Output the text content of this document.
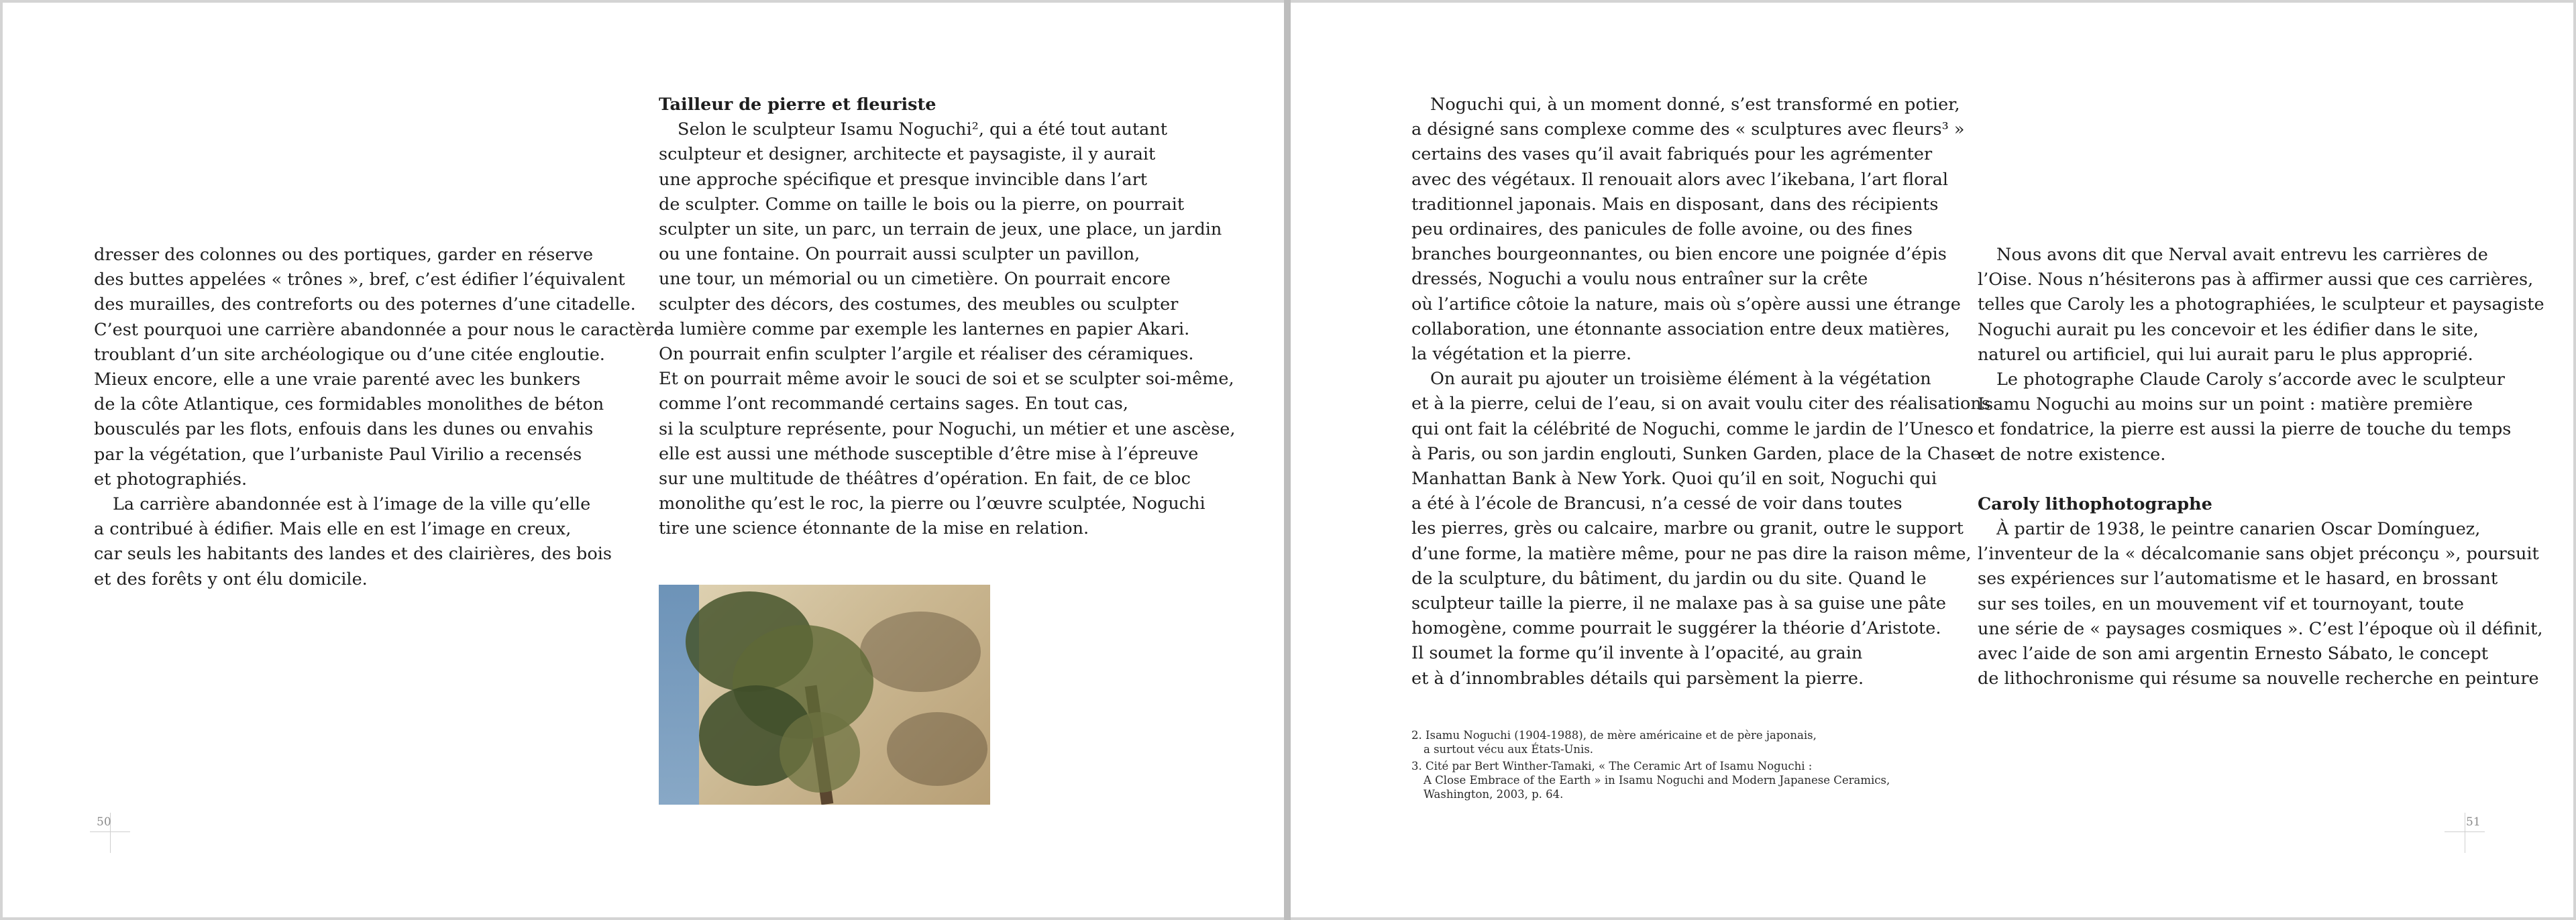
dresser des colonnes ou des portiques, garder en réserve

des buttes appelées « trônes », bref, c’est édifier l’équivalent

des murailles, des contreforts ou des poternes d’une citadelle.

C’est pourquoi une carrière abandonnée a pour nous le caractère

troublant d’un site archéologique ou d’une citée engloutie.

Mieux encore, elle a une vraie parenté avec les bunkers

de la côte Atlantique, ces formidables monolithes de béton

bousculés par les flots, enfouis dans les dunes ou envahis

par la végétation, que l’urbaniste Paul Virilio a recensés

et photographiés.

La carrière abandonnée est à l’image de la ville qu’elle

a contribué à édifier. Mais elle en est l’image en creux,

car seuls les habitants des landes et des clairières, des bois

et des forêts y ont élu domicile.

Tailleur de pierre et fleuriste

Selon le sculpteur Isamu Noguchi², qui a été tout autant

sculpteur et designer, architecte et paysagiste, il y aurait

une approche spécifique et presque invincible dans l’art

de sculpter. Comme on taille le bois ou la pierre, on pourrait

sculpter un site, un parc, un terrain de jeux, une place, un jardin

ou une fontaine. On pourrait aussi sculpter un pavillon,

une tour, un mémorial ou un cimetière. On pourrait encore

sculpter des décors, des costumes, des meubles ou sculpter

la lumière comme par exemple les lanternes en papier Akari.

On pourrait enfin sculpter l’argile et réaliser des céramiques.

Et on pourrait même avoir le souci de soi et se sculpter soi-même,

comme l’ont recommandé certains sages. En tout cas,

si la sculpture représente, pour Noguchi, un métier et une ascèse,

elle est aussi une méthode susceptible d’être mise à l’épreuve

sur une multitude de théâtres d’opération. En fait, de ce bloc

monolithe qu’est le roc, la pierre ou l’œuvre sculptée, Noguchi

tire une science étonnante de la mise en relation.

50

Noguchi qui, à un moment donné, s’est transformé en potier,

a désigné sans complexe comme des « sculptures avec fleurs³ »

certains des vases qu’il avait fabriqués pour les agrémenter

avec des végétaux. Il renouait alors avec l’ikebana, l’art floral

traditionnel japonais. Mais en disposant, dans des récipients

peu ordinaires, des panicules de folle avoine, ou des fines

branches bourgeonnantes, ou bien encore une poignée d’épis

dressés, Noguchi a voulu nous entraîner sur la crête

où l’artifice côtoie la nature, mais où s’opère aussi une étrange

collaboration, une étonnante association entre deux matières,

la végétation et la pierre.

On aurait pu ajouter un troisième élément à la végétation

et à la pierre, celui de l’eau, si on avait voulu citer des réalisations

qui ont fait la célébrité de Noguchi, comme le jardin de l’Unesco

à Paris, ou son jardin englouti, Sunken Garden, place de la Chase

Manhattan Bank à New York. Quoi qu’il en soit, Noguchi qui

a été à l’école de Brancusi, n’a cessé de voir dans toutes

les pierres, grès ou calcaire, marbre ou granit, outre le support

d’une forme, la matière même, pour ne pas dire la raison même,

de la sculpture, du bâtiment, du jardin ou du site. Quand le

sculpteur taille la pierre, il ne malaxe pas à sa guise une pâte

homogène, comme pourrait le suggérer la théorie d’Aristote.

Il soumet la forme qu’il invente à l’opacité, au grain

et à d’innombrables détails qui parsèment la pierre.

2. Isamu Noguchi (1904-1988), de mère américaine et de père japonais,

a surtout vécu aux États-Unis.

3. Cité par Bert Winther-Tamaki, « The Ceramic Art of Isamu Noguchi :

A Close Embrace of the Earth » in Isamu Noguchi and Modern Japanese Ceramics,

Washington, 2003, p. 64.

Nous avons dit que Nerval avait entrevu les carrières de

l’Oise. Nous n’hésiterons pas à affirmer aussi que ces carrières,

telles que Caroly les a photographiées, le sculpteur et paysagiste

Noguchi aurait pu les concevoir et les édifier dans le site,

naturel ou artificiel, qui lui aurait paru le plus approprié.

Le photographe Claude Caroly s’accorde avec le sculpteur

Isamu Noguchi au moins sur un point : matière première

et fondatrice, la pierre est aussi la pierre de touche du temps

et de notre existence.

Caroly lithophotographe

À partir de 1938, le peintre canarien Oscar Domínguez,

l’inventeur de la « décalcomanie sans objet préconçu », poursuit

ses expériences sur l’automatisme et le hasard, en brossant

sur ses toiles, en un mouvement vif et tournoyant, toute

une série de « paysages cosmiques ». C’est l’époque où il définit,

avec l’aide de son ami argentin Ernesto Sábato, le concept

de lithochronisme qui résume sa nouvelle recherche en peinture

51
